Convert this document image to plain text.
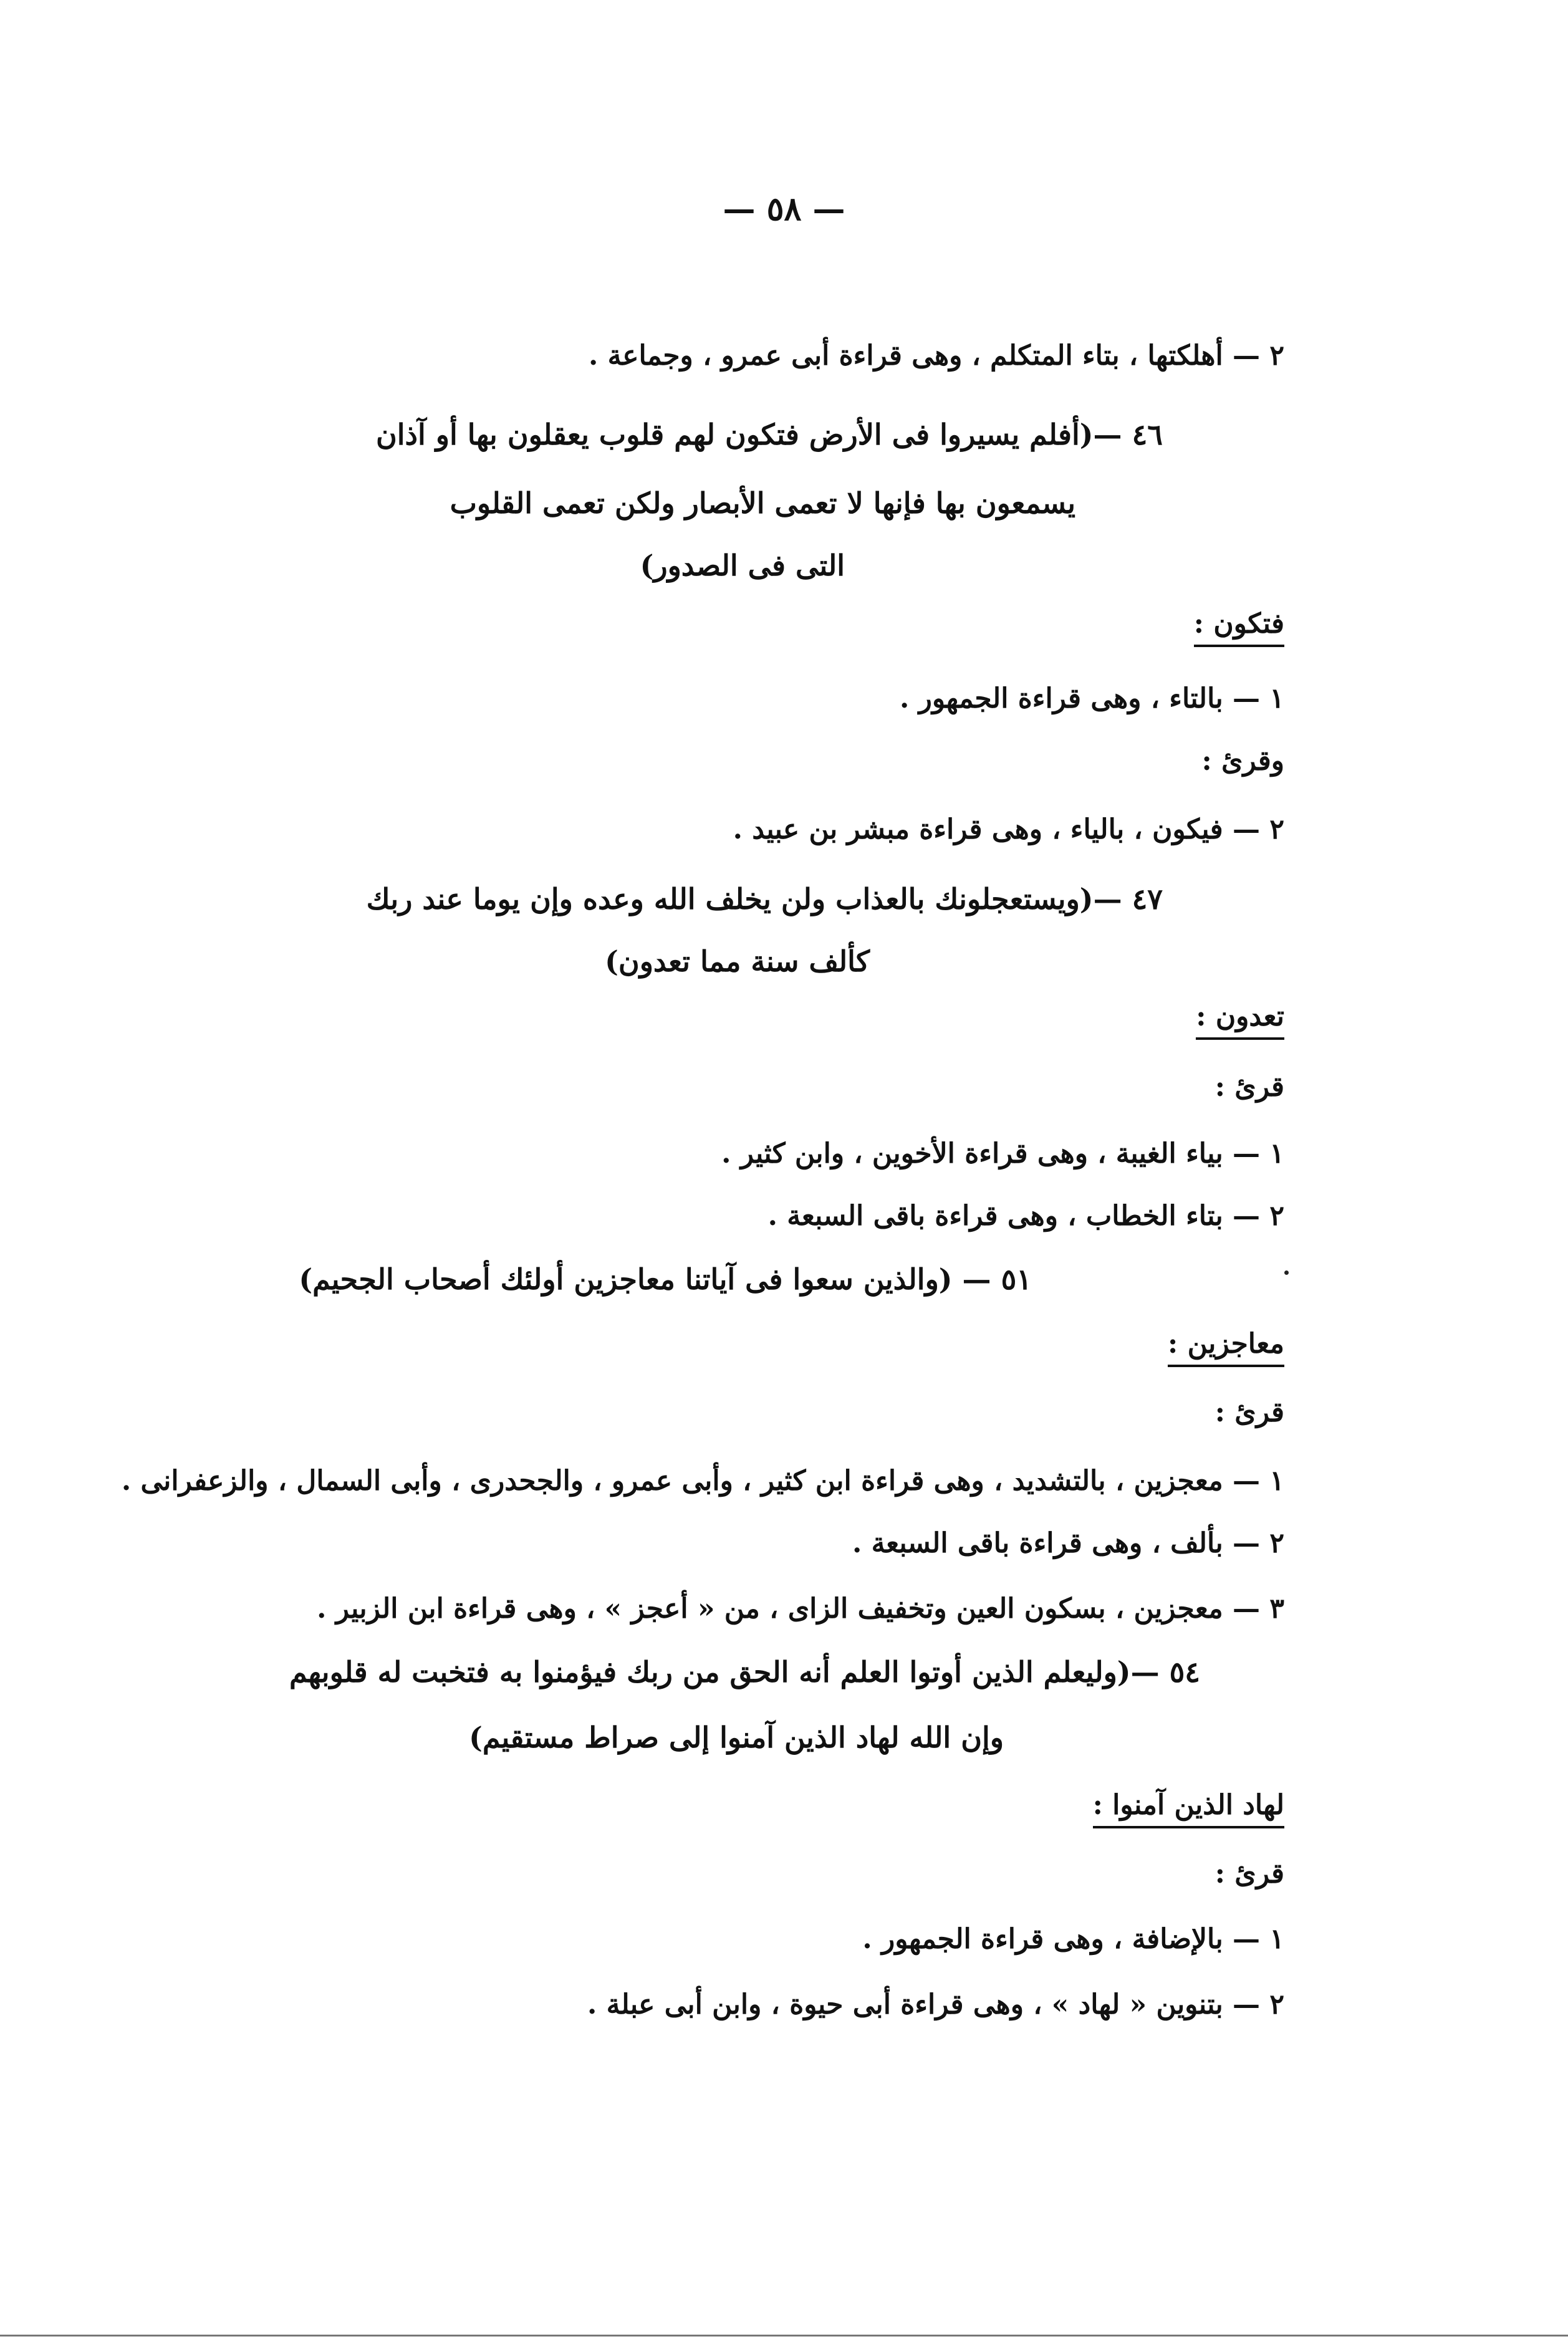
— ٥٨ —
٢ — أهلكتها ، بتاء المتكلم ، وهى قراءة أبى عمرو ، وجماعة .
٤٦ —(أفلم يسيروا فى الأرض فتكون لهم قلوب يعقلون بها أو آذان
يسمعون بها فإنها لا تعمى الأبصار ولكن تعمى القلوب
التى فى الصدور)
فتكون :
١ — بالتاء ، وهى قراءة الجمهور .
وقرئ :
٢ — فيكون ، بالياء ، وهى قراءة مبشر بن عبيد .
٤٧ —(ويستعجلونك بالعذاب ولن يخلف الله وعده وإن يوما عند ربك
كألف سنة مما تعدون)
تعدون :
قرئ :
١ — بياء الغيبة ، وهى قراءة الأخوين ، وابن كثير .
٢ — بتاء الخطاب ، وهى قراءة باقى السبعة .
٥١ — (والذين سعوا فى آياتنا معاجزين أولئك أصحاب الجحيم)
معاجزين :
قرئ :
١ — معجزين ، بالتشديد ، وهى قراءة ابن كثير ، وأبى عمرو ، والجحدرى ، وأبى السمال ، والزعفرانى .
٢ — بألف ، وهى قراءة باقى السبعة .
٣ — معجزين ، بسكون العين وتخفيف الزاى ، من « أعجز » ، وهى قراءة ابن الزبير .
٥٤ —(وليعلم الذين أوتوا العلم أنه الحق من ربك فيؤمنوا به فتخبت له قلوبهم
وإن الله لهاد الذين آمنوا إلى صراط مستقيم)
لهاد الذين آمنوا :
قرئ :
١ — بالإضافة ، وهى قراءة الجمهور .
٢ — بتنوين « لهاد » ، وهى قراءة أبى حيوة ، وابن أبى عبلة .
